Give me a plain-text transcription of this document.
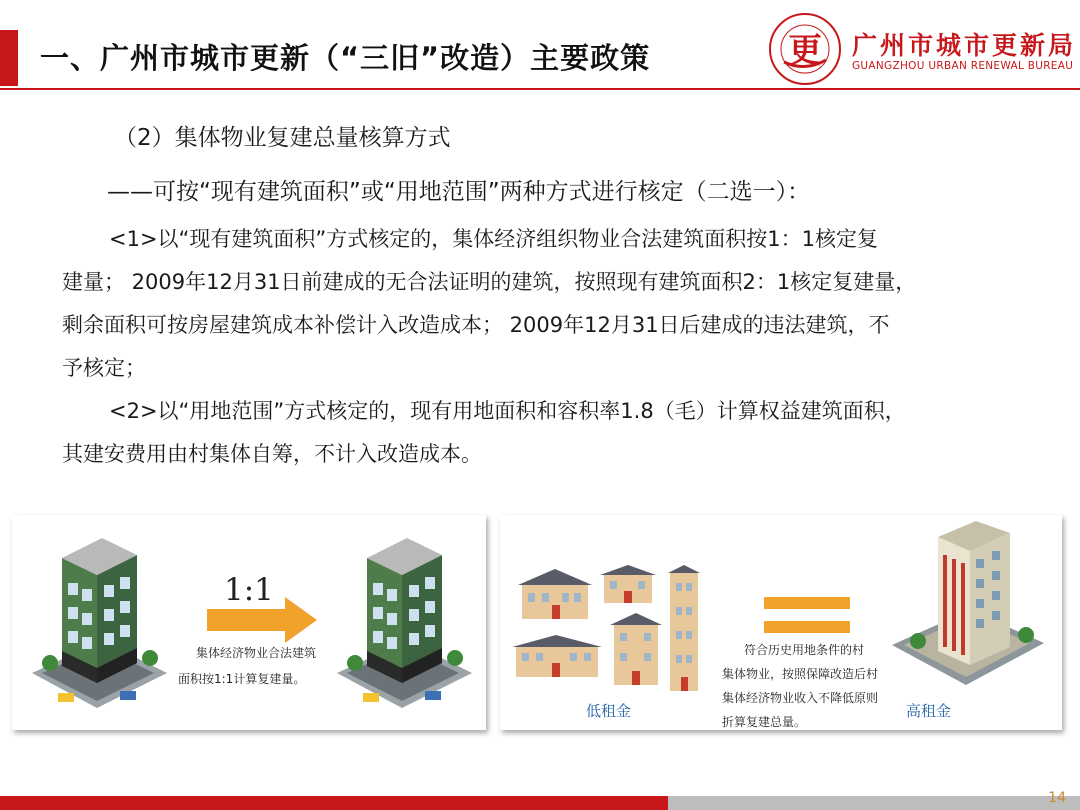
一、广州市城市更新（“三旧”改造）主要政策	更 广州市城市更新局
GUANGZHOU URBAN RENEWAL BUREAU
（2）集体物业复建总量核算方式
——可按“现有建筑面积”或“用地范围”两种方式进行核定（二选一）：
<1>以“现有建筑面积”方式核定的，集体经济组织物业合法建筑面积按1：1核定复
建量； 2009年12月31日前建成的无合法证明的建筑，按照现有建筑面积2：1核定复建量，
剩余面积可按房屋建筑成本补偿计入改造成本； 2009年12月31日后建成的违法建筑，不
予核定；
<2>以“用地范围”方式核定的，现有用地面积和容积率1.8（毛）计算权益建筑面积，
其建安费用由村集体自筹，不计入改造成本。
1:1
集体经济物业合法建筑
面积按1:1计算复建量。
低租金	高租金
符合历史用地条件的村
集体物业，按照保障改造后村
集体经济物业收入不降低原则
折算复建总量。
14
